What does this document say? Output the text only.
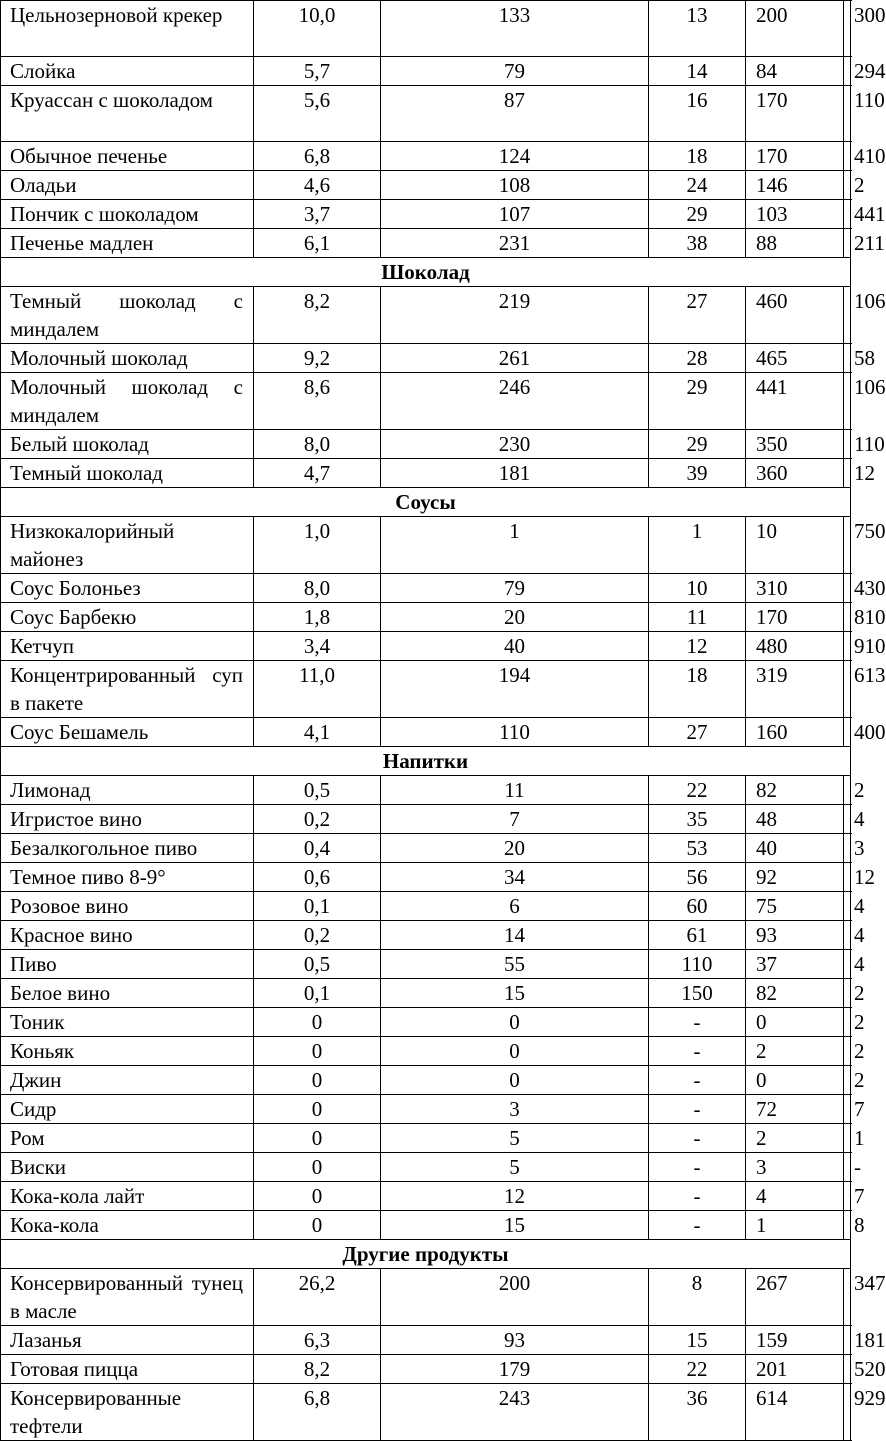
Цельнозерновой крекер	10,0	133	13	200	300
Слойка	5,7	79	14	84	294
Круассан с шоколадом	5,6	87	16	170	110
Обычное печенье	6,8	124	18	170	410
Оладьи	4,6	108	24	146	2
Пончик с шоколадом	3,7	107	29	103	441
Печенье мадлен	6,1	231	38	88	211
Шоколад					
Темный шоколад с миндалем	8,2	219	27	460	106
Молочный шоколад	9,2	261	28	465	58
Молочный шоколад с миндалем	8,6	246	29	441	106
Белый шоколад	8,0	230	29	350	110
Темный шоколад	4,7	181	39	360	12
Соусы					
Низкокалорийный майонез	1,0	1	1	10	750
Соус Болоньез	8,0	79	10	310	430
Соус Барбекю	1,8	20	11	170	810
Кетчуп	3,4	40	12	480	910
Концентрированный суп в пакете	11,0	194	18	319	613
Соус Бешамель	4,1	110	27	160	400
Напитки					
Лимонад	0,5	11	22	82	2
Игристое вино	0,2	7	35	48	4
Безалкогольное пиво	0,4	20	53	40	3
Темное пиво 8-9°	0,6	34	56	92	12
Розовое вино	0,1	6	60	75	4
Красное вино	0,2	14	61	93	4
Пиво	0,5	55	110	37	4
Белое вино	0,1	15	150	82	2
Тоник	0	0	-	0	2
Коньяк	0	0	-	2	2
Джин	0	0	-	0	2
Сидр	0	3	-	72	7
Ром	0	5	-	2	1
Виски	0	5	-	3	-
Кока-кола лайт	0	12	-	4	7
Кока-кола	0	15	-	1	8
Другие продукты					
Консервированный тунец в масле	26,2	200	8	267	347
Лазанья	6,3	93	15	159	181
Готовая пицца	8,2	179	22	201	520
Консервированные тефтели	6,8	243	36	614	929
